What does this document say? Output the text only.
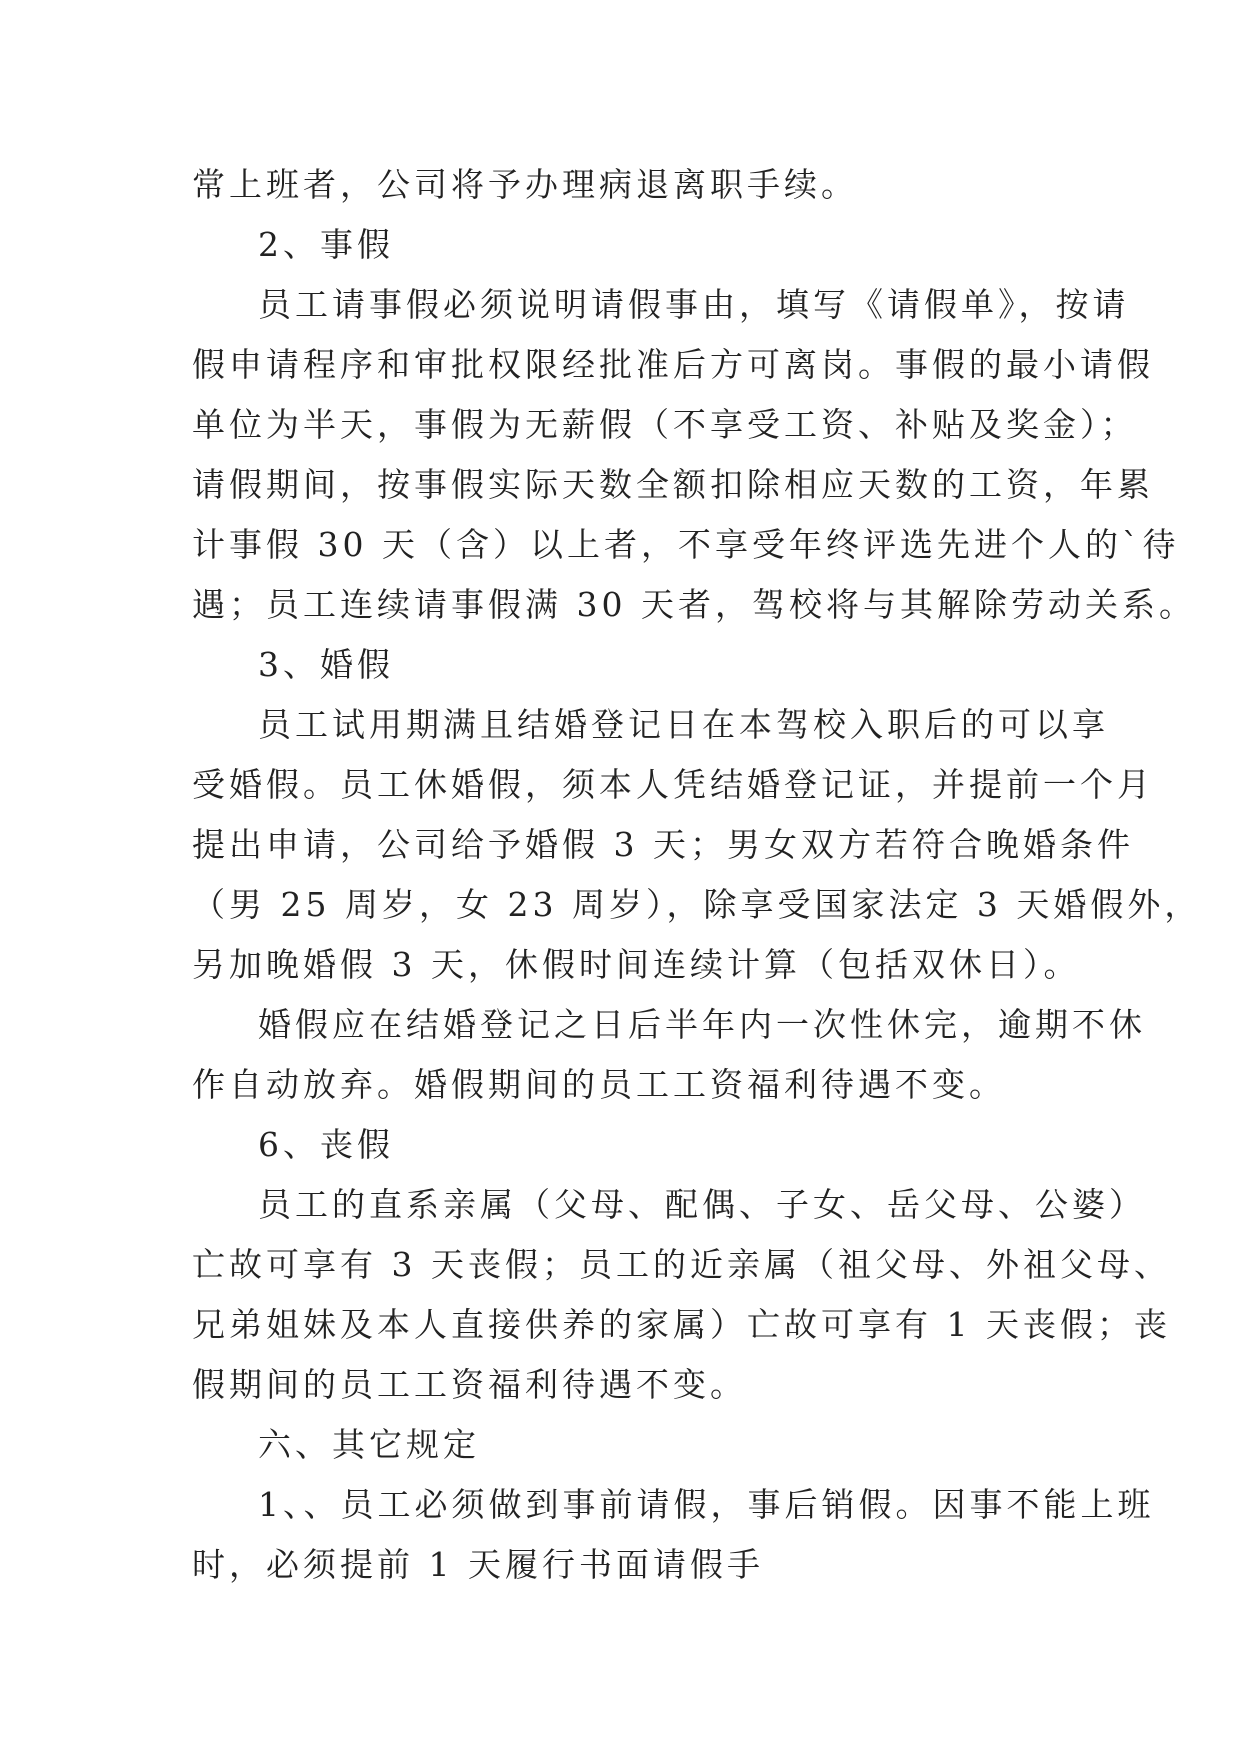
常上班者，公司将予办理病退离职手续。
2、事假
员工请事假必须说明请假事由，填写《请假单》，按请
假申请程序和审批权限经批准后方可离岗。事假的最小请假
单位为半天，事假为无薪假（不享受工资、补贴及奖金）；
请假期间，按事假实际天数全额扣除相应天数的工资，年累
计事假 30 天（含）以上者，不享受年终评选先进个人的`待
遇；员工连续请事假满 30 天者，驾校将与其解除劳动关系。
3、婚假
员工试用期满且结婚登记日在本驾校入职后的可以享
受婚假。员工休婚假，须本人凭结婚登记证，并提前一个月
提出申请，公司给予婚假 3 天；男女双方若符合晚婚条件
（男 25 周岁，女 23 周岁），除享受国家法定 3 天婚假外，
另加晚婚假 3 天，休假时间连续计算（包括双休日）。
婚假应在结婚登记之日后半年内一次性休完，逾期不休
作自动放弃。婚假期间的员工工资福利待遇不变。
6、丧假
员工的直系亲属（父母、配偶、子女、岳父母、公婆）
亡故可享有 3 天丧假；员工的近亲属（祖父母、外祖父母、
兄弟姐妹及本人直接供养的家属）亡故可享有 1 天丧假；丧
假期间的员工工资福利待遇不变。
六、其它规定
1、、员工必须做到事前请假，事后销假。因事不能上班
时，必须提前 1 天履行书面请假手
